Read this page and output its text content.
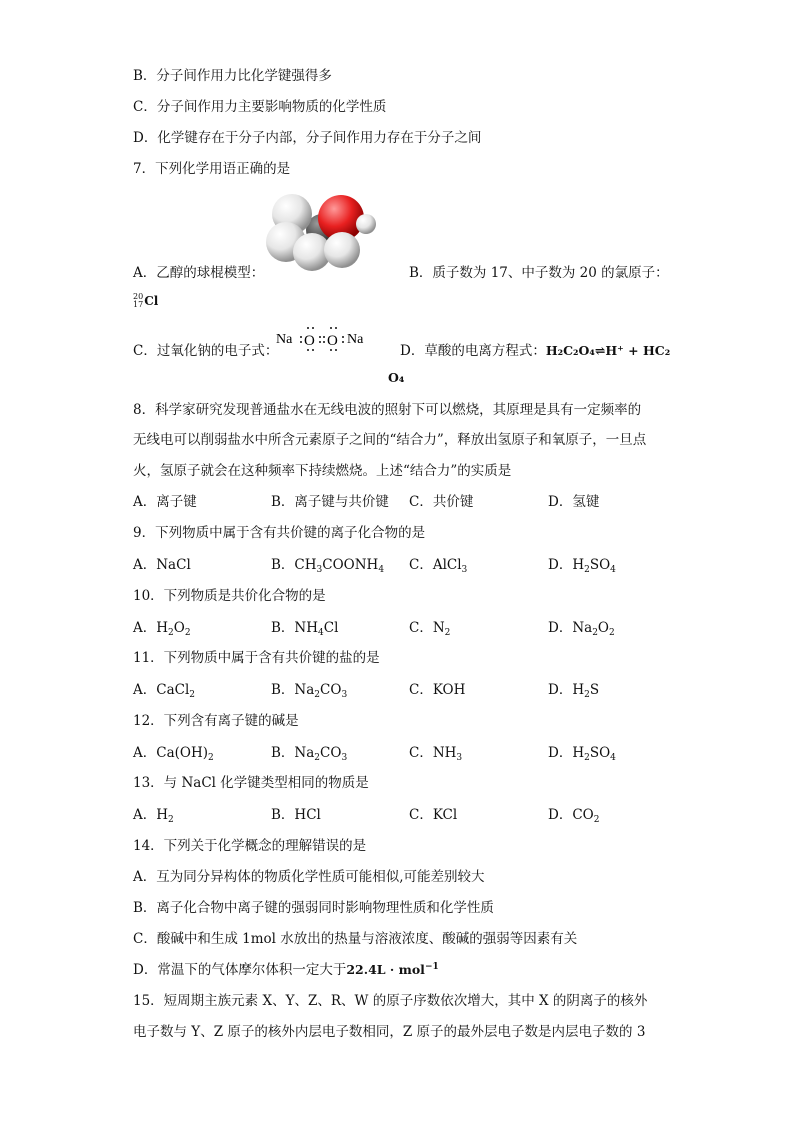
B．分子间作用力比化学键强得多
C．分子间作用力主要影响物质的化学性质
D．化学键存在于分子内部，分子间作用力存在于分子之间
7．下列化学用语正确的是
A．乙醇的球棍模型：	B．质子数为 17、中子数为 20 的氯原子：
20
17Cl
C．过氧化钠的电子式：
Na O O Na
D．草酸的电离方程式：H₂C₂O₄⇌H⁺ + HC₂
O₄
8．科学家研究发现普通盐水在无线电波的照射下可以燃烧，其原理是具有一定频率的
无线电可以削弱盐水中所含元素原子之间的“结合力”，释放出氢原子和氧原子，一旦点
火，氢原子就会在这种频率下持续燃烧。上述“结合力”的实质是
A．离子键	B．离子键与共价键 C．共价键	D．氢键
9．下列物质中属于含有共价键的离子化合物的是
A．NaCl	B．$CH_3COONH_4$ C．AlCl$_3$	D．$H_2SO_4$
10．下列物质是共价化合物的是
A．$H_2O_2$	B．$NH_4Cl$	C．$N_2$	D．$Na_2O_2$
11．下列物质中属于含有共价键的盐的是
A．CaCl$_2$	B．$Na_2CO_3$	C．KOH	D．$H_2S$
12．下列含有离子键的碱是
A．$Ca(OH)_2$	B．$Na_2CO_3$	C．$NH_3$	D．$H_2SO_4$
13．与 NaCl 化学键类型相同的物质是
A．$H_2$	B．HCl	C．KCl	D．$CO_2$
14．下列关于化学概念的理解错误的是
A．互为同分异构体的物质化学性质可能相似,可能差别较大
B．离子化合物中离子键的强弱同时影响物理性质和化学性质
C．酸碱中和生成 1mol 水放出的热量与溶液浓度、酸碱的强弱等因素有关
D．常温下的气体摩尔体积一定大于22.4L · mol$^{-1}$
15．短周期主族元素 X、Y、Z、R、W 的原子序数依次增大，其中 X 的阴离子的核外
电子数与 Y、Z 原子的核外内层电子数相同，Z 原子的最外层电子数是内层电子数的 3
